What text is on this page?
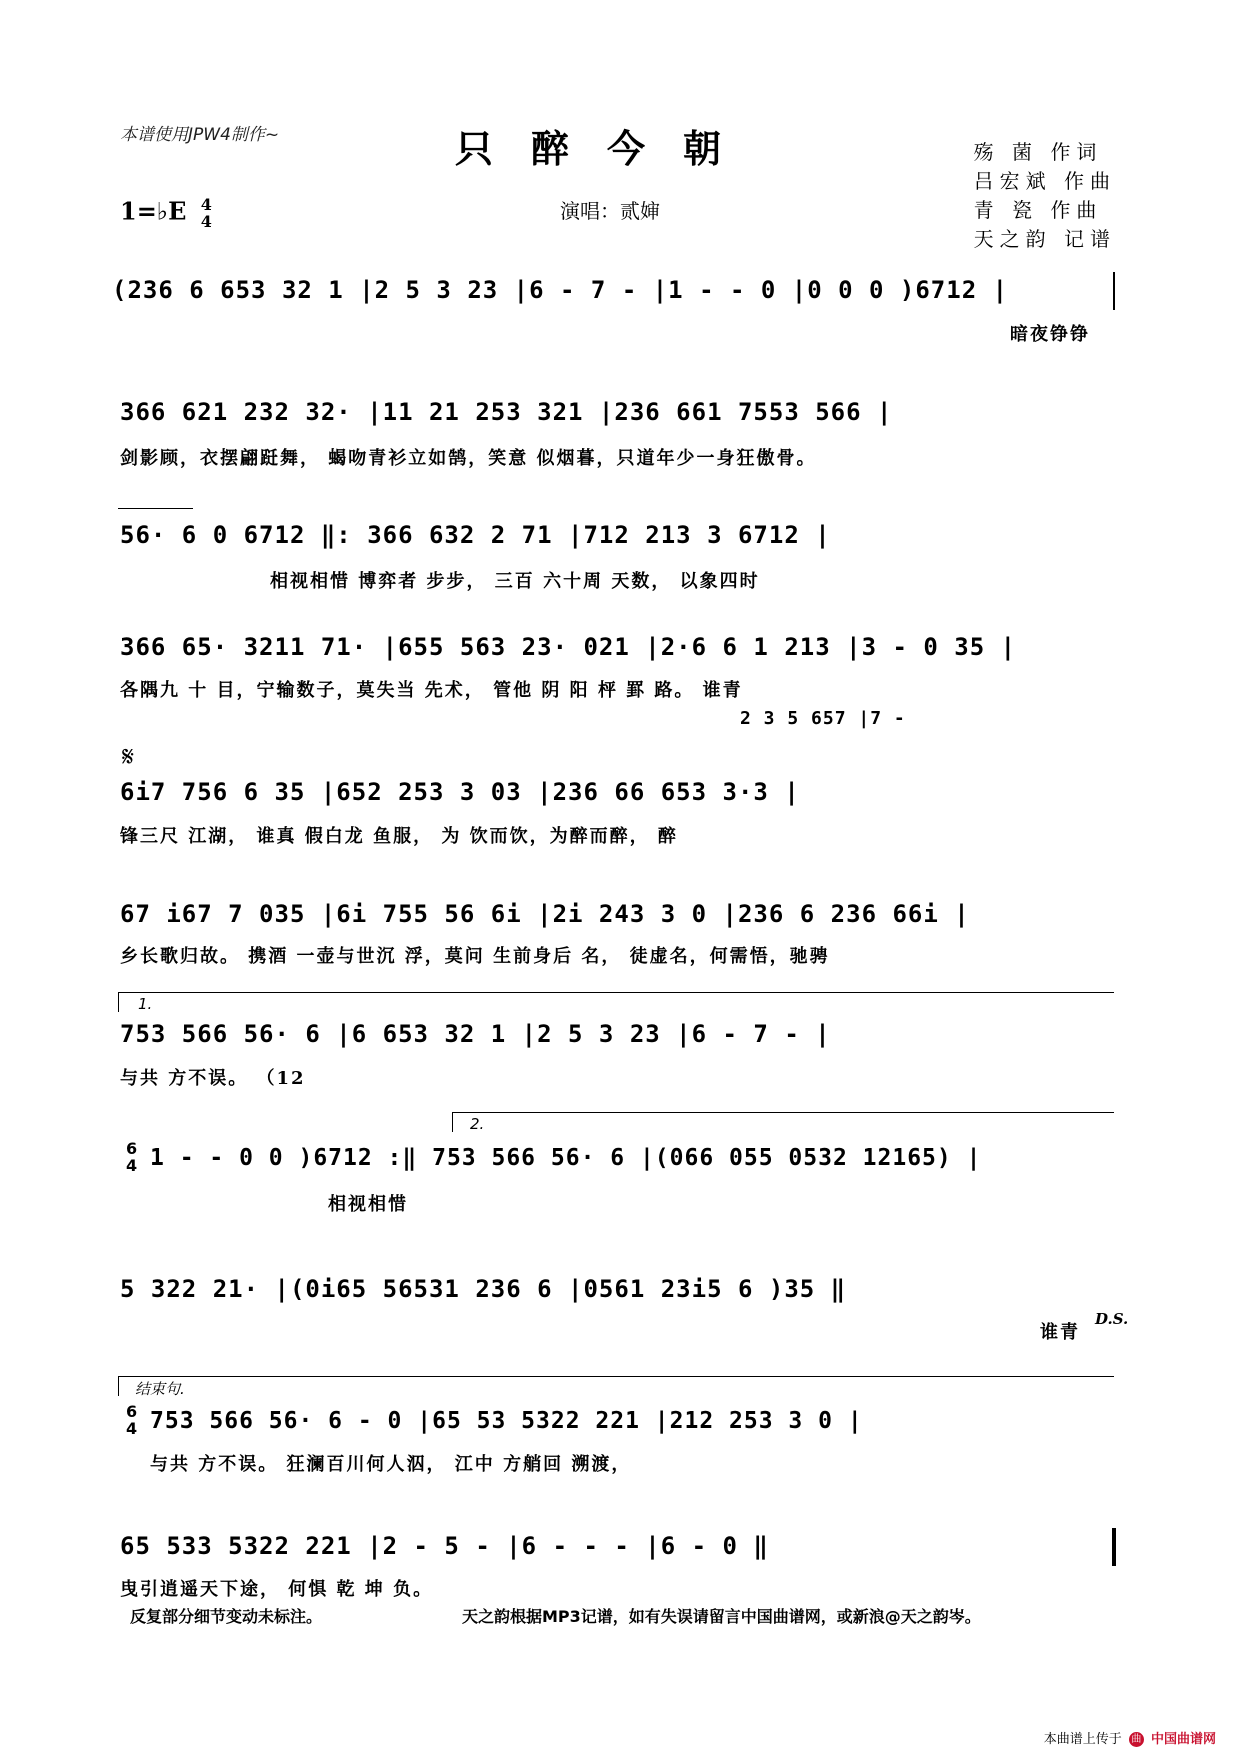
本谱使用JPW4制作~	只醉今朝
演唱：贰婶
1=♭E 4
4
殇 菌 作词
吕宏斌 作曲
青 瓷 作曲
天之韵 记谱
(236 6 653 32 1 |2 5 3 23 |6 - 7 - |1 - - 0 |0 0 0 )6712 |
暗夜铮铮
366 621 232 32· |11 21 253 321 |236 661 7553 566 |
剑影顾，衣摆翩跹舞， 蝎吻青衫立如鹄，笑意 似烟暮，只道年少一身狂傲骨。
56· 6 0 6712 ‖: 366 632 2 71 |712 213 3 6712 |
相视相惜 博弈者 步步， 三百 六十周 天数， 以象四时
366 65· 3211 71· |655 563 23· 021 |2·6 6 1 213 |3 - 0 35 |
各隅九 十 目，宁输数子，莫失当 先术， 管他 阴 阳 枰 罫 路。 谁青
2 3 5 657 |7 -
𝄋
6i7 756 6 35 |652 253 3 03 |236 66 653 3·3 |
锋三尺 江湖， 谁真 假白龙 鱼服， 为 饮而饮，为醉而醉， 醉
67 i67 7 035 |6i 755 56 6i |2i 243 3 0 |236 6 236 66i |
乡长歌归故。 携酒 一壶与世沉 浮，莫问 生前身后 名， 徒虚名，何需悟，驰骋
1.
753 566 56· 6 |6 653 32 1 |2 5 3 23 |6 - 7 - |
与共 方不误。 （12
6
4
2.
1 - - 0 0 )6712 :‖ 753 566 56· 6 |(066 055 0532 12165) |
相视相惜
5 322 21· |(0i65 56531 236 6 |0561 23i5 6 )35 ‖
谁青
D.S.
结束句.
6
4 753 566 56· 6 - 0 |65 53 5322 221 |212 253 3 0 |
与共 方不误。 狂澜百川何人泅， 江中 方艄回 溯渡，
65 533 5322 221 |2 - 5 - |6 - - - |6 - 0 ‖
曳引逍遥天下途， 何惧 乾 坤 负。
反复部分细节变动未标注。	天之韵根据MP3记谱，如有失误请留言中国曲谱网，或新浪@天之韵岑。
本曲谱上传于 曲 中国曲谱网
